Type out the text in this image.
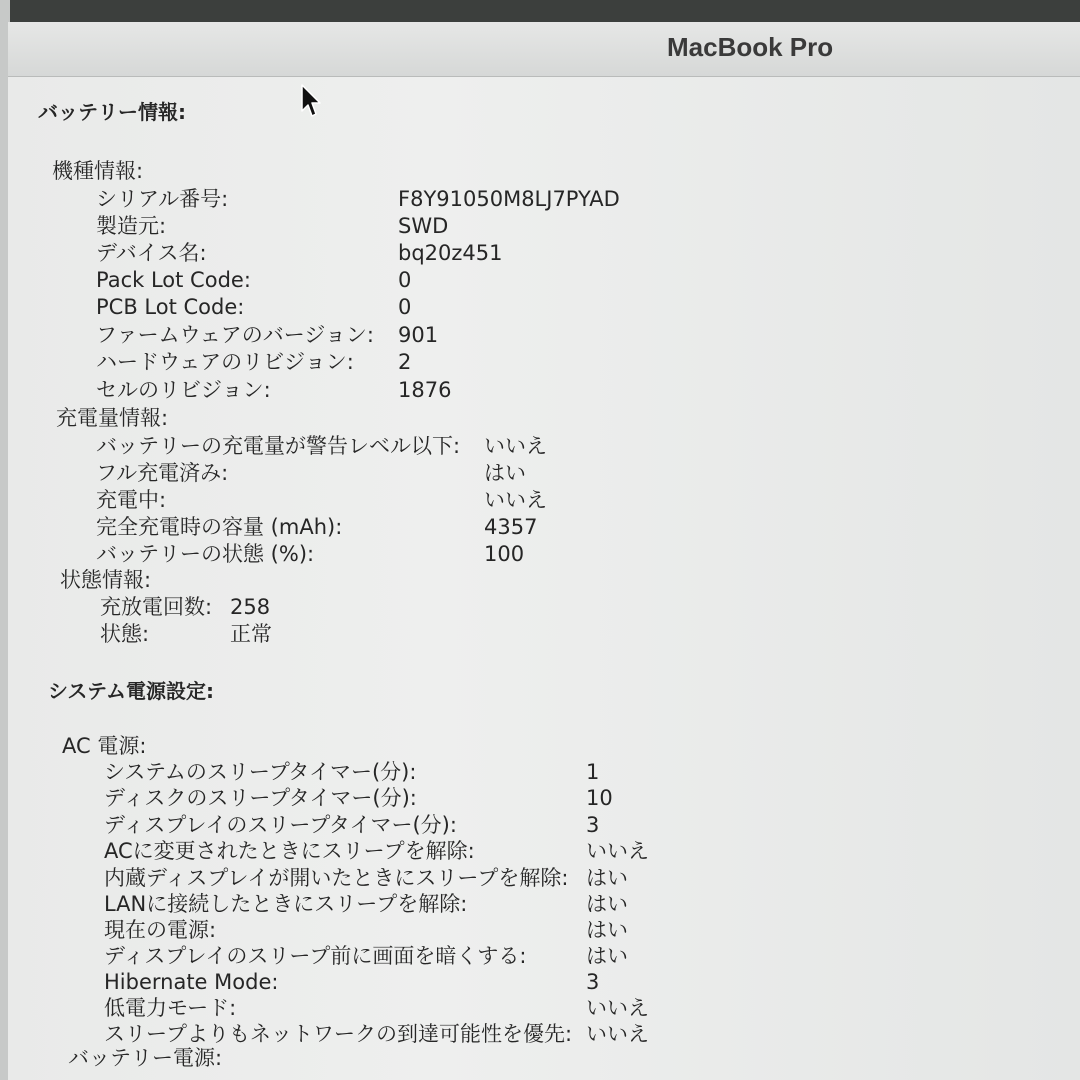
MacBook Pro
バッテリー情報:
機種情報:
シリアル番号:	F8Y91050M8LJ7PYAD
製造元:	SWD
デバイス名:	bq20z451
Pack Lot Code:	0
PCB Lot Code:	0
ファームウェアのバージョン: 901
ハードウェアのリビジョン: 2
セルのリビジョン:	1876
充電量情報:
バッテリーの充電量が警告レベル以下: いいえ
フル充電済み:	はい
充電中:	いいえ
完全充電時の容量 (mAh):	4357
バッテリーの状態 (%):	100
状態情報:
充放電回数: 258
状態:	正常
システム電源設定:
AC 電源:
システムのスリープタイマー(分):	1
ディスクのスリープタイマー(分):	10
ディスプレイのスリープタイマー(分):	3
ACに変更されたときにスリープを解除:	いいえ
内蔵ディスプレイが開いたときにスリープを解除: はい
LANに接続したときにスリープを解除:	はい
現在の電源:	はい
ディスプレイのスリープ前に画面を暗くする:	はい
Hibernate Mode:	3
低電力モード:	いいえ
スリープよりもネットワークの到達可能性を優先: いいえ
バッテリー電源:
